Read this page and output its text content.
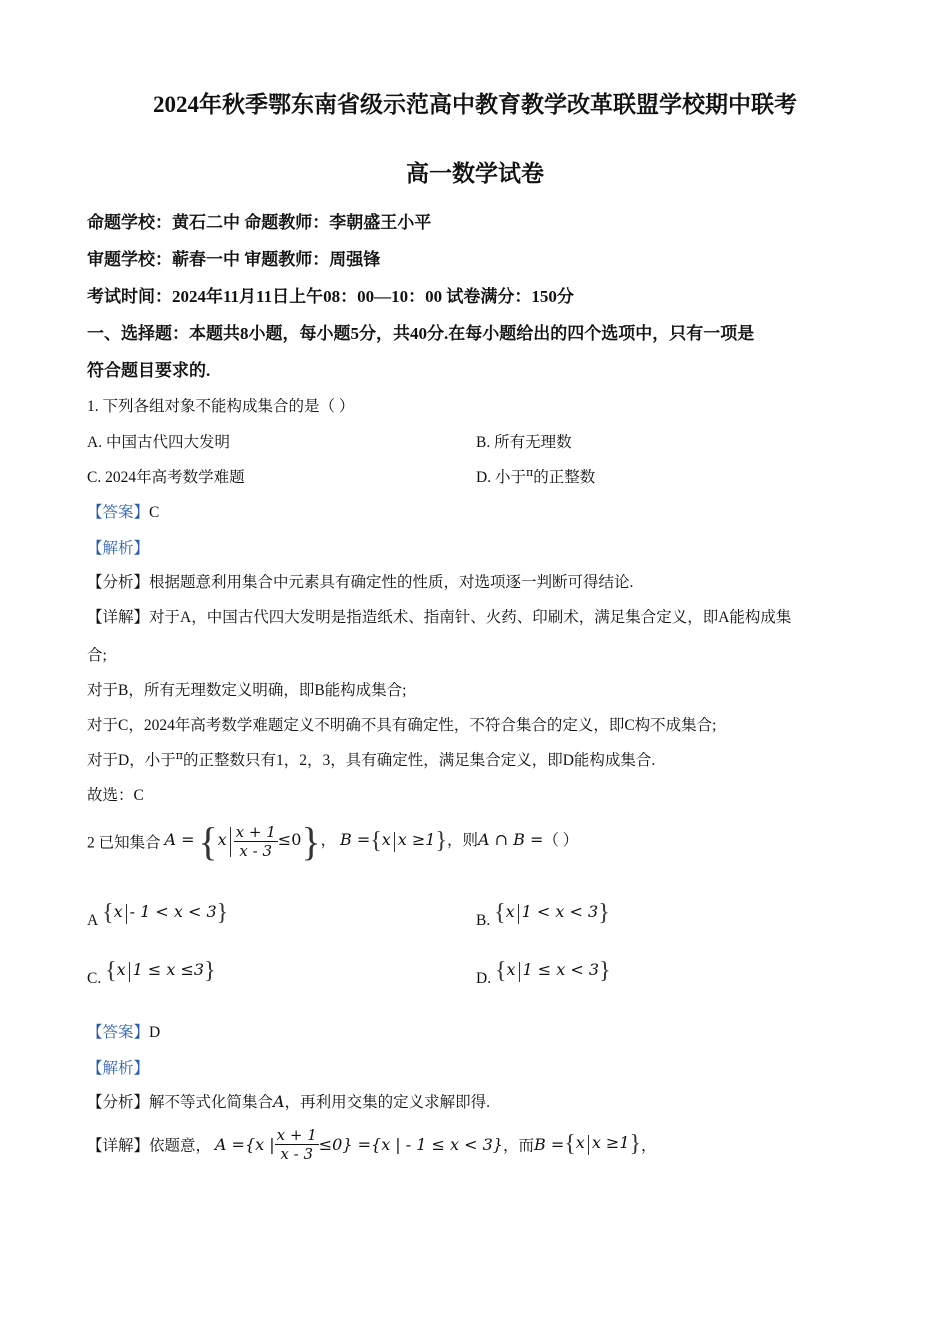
2024年秋季鄂东南省级示范高中教育教学改革联盟学校期中联考
高一数学试卷
命题学校：黄石二中 命题教师：李朝盛王小平
审题学校：蕲春一中 审题教师：周强锋
考试时间：2024年11月11日上午08：00—10：00 试卷满分：150分
一、选择题：本题共8小题，每小题5分，共40分.在每小题给出的四个选项中，只有一项是
符合题目要求的.
1. 下列各组对象不能构成集合的是（ ）
A. 中国古代四大发明	B. 所有无理数
C. 2024年高考数学难题	D. 小于$^\pi$的正整数
【答案】C
【解析】
【分析】根据题意利用集合中元素具有确定性的性质，对选项逐一判断可得结论.
【详解】对于A，中国古代四大发明是指造纸术、指南针、火药、印刷术，满足集合定义，即A能构成集
合;
对于B，所有无理数定义明确，即B能构成集合;
对于C，2024年高考数学难题定义不明确不具有确定性，不符合集合的定义，即C构不成集合;
对于D，小于$^\pi$的正整数只有1，2，3，具有确定性，满足集合定义，即D能构成集合.
故选：C
2 已知集合 $A = \{x \frac{x + 1}{x - 3} \le 0\}$， B ={x x ≥1}，则A ∩ B =（ ）
A {x - 1 < x < 3}	B. {x 1 < x < 3}
C. {x 1 ≤ x ≤3}	D. {x 1 ≤ x < 3}
【答案】D
【解析】
【分析】解不等式化简集合A，再利用交集的定义求解即得.
【详解】依题意， A ={x | $\frac{x + 1}{x - 3} \le 0\} =\{x$ | - 1 ≤ x < 3}，而B ={x x ≥1}，
